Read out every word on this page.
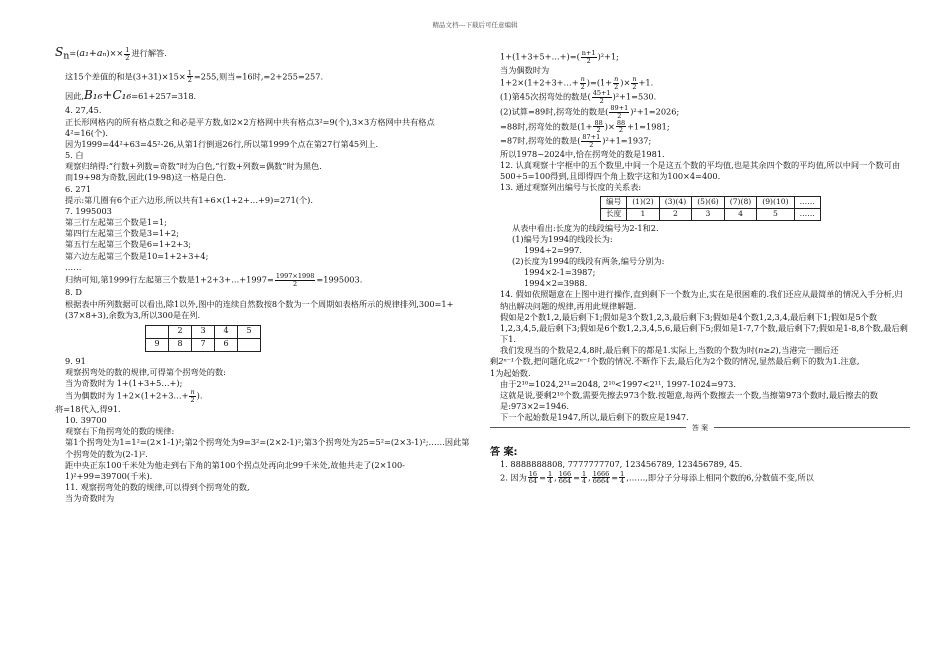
精品文档---下载后可任意编辑

$S_n=(a_1+a_n)\times\times \frac{1}{2}$ 进行解答.

这15个差值的和是$(3+31)\times 15\times \frac{1}{2} =255$,则当=16时,=2+255=257.

因此,B₁₆+C₁₆=61+257=318.

4. 27,45.

正长形网格内的所有格点数之和必是平方数,如2×2方格网中共有格点3²=9(个),3×3方格网中共有格点4²=16(个).

因为1999=44²+63=45²-26,从第1行倒退26行,所以第1999个点在第27行第45列上.

5. 白

观察归纳得:“行数+列数=奇数”时为白色,“行数+列数=偶数”时为黑色.

而19+98为奇数,因此(19-98)这一格是白色.

6. 271

提示:第几圈有6个正六边形,所以共有1+6×(1+2+…+9)=271(个).

7. 1995003

第三行左起第三个数是1=1;

第四行左起第三个数是3=1+2;

第五行左起第三个数是6=1+2+3;

第六边左起第三个数是10=1+2+3+4;

……

归纳可知,第1999行左起第三个数是1+2+3+…+1997= $\frac{1997\times 1998}{2} =1995003$.

8. D

根据表中所列数据可以看出,除1以外,图中的连续自然数按8个数为一个周期如表格所示的规律排列,300=1+(37×8+3),余数为3,所以300是在列.

	2	3	4	5
9	8	7	6	

9. 91

观察拐弯处的数的规律,可得第个拐弯处的数:

当为奇数时为 1+(1+3+5…+);

当为偶数时为 1+2×(1+2+3…+ $\frac{n}{2}$ ).

将=18代入,得91.

10. 39700

观察右下角拐弯处的数的规律:

第1个拐弯处为1=1²=(2×1-1)²;第2个拐弯处为9=3²=(2×2-1)²;第3个拐弯处为25=5²=(2×3-1)²;……因此第个拐弯处的数为(2-1)².

距中央正东100千米处为他走到右下角的第100个拐点处再向北99千米处,故他共走了(2×100-1)²+99=39700(千米).

11. 观察拐弯处的数的规律,可以得到个拐弯处的数,

当为奇数时为

1+(1+3+5+…+)=( $\frac{n+1}{2} )^2+1$;

当为偶数时为

1+2×(1+2+3+…+ $\frac{n}{2} )=(1+ \frac{n}{2}$ )× $\frac{n}{2} +1$.

(1)第45次拐弯处的数是( $\frac{45+1}{2} )^2+1=530$.

(2)试算=89时,拐弯处的数是( $\frac{89+1}{2} )^2+1=2026$;

=88时,拐弯处的数是($1+ \frac{88}{2}$ )× $\frac{88}{2} +1=1981$;

=87时,拐弯处的数是( $\frac{87+1}{2} )^2+1=1937$;

所以1978~2024中,恰在拐弯处的数是1981.

12. 认真观察十字框中的五个数里,中间一个是这五个数的平均值,也是其余四个数的平均值,所以中间一个数可由500÷5=100得到,且即得四个角上数字这和为100×4=400.

13. 通过观察列出编号与长度的关系表:

编号	(1)(2)	(3)(4)	(5)(6)	(7)(8)	(9)(10)	……
长度	1	2	3	4	5	……

从表中看出:长度为的线段编号为2-1和2.

(1)编号为1994的线段长为:

1994÷2=997.

(2)长度为1994的线段有两条,编号分别为:

1994×2-1=3987;

1994×2=3988.

14. 假如依照题意在上图中进行操作,直到剩下一个数为止,实在是很困难的.我们还应从最简单的情况入手分析,归纳出解决问题的规律,再用此规律解题.

假如是2个数1,2,最后剩下1;假如是3个数1,2,3,最后剩下3;假如是4个数1,2,3,4,最后剩下1;假如是5个数1,2,3,4,5,最后剩下3;假如是6个数1,2,3,4,5,6,最后剩下5;假如是1-7,7个数,最后剩下7;假如是1-8,8个数,最后剩下1.

我们发现当的个数是2,4,8时,最后剩下的都是1.实际上,当数的个数为时(n≥2),当港完一圈后还

剩2ⁿ⁻¹个数,把问题化成2ⁿ⁻¹个数的情况.不断作下去,最后化为2个数的情况,显然最后剩下的数为1.注意,

1为起始数.

由于2¹⁰=1024,2¹¹=2048, 2¹⁰<1997<2¹¹, 1997-1024=973.

这就是说,要剩2¹⁰个数,需要先擦去973个数.按题意,每两个数擦去一个数,当擦第973个数时,最后擦去的数是:973×2=1946.

下一个起始数是1947,所以,最后剩下的数应是1947.

答 案

答 案:

1. 8888888808, 7777777707, 123456789, 123456789, 45.

2. 因为 $\frac{16}{64} = \frac{1}{4}$ , $\frac{166}{664} = \frac{1}{4}$ , $\frac{1666}{6664} = \frac{1}{4}$ ,……,即分子分母添上相同个数的6,分数值不变,所以
